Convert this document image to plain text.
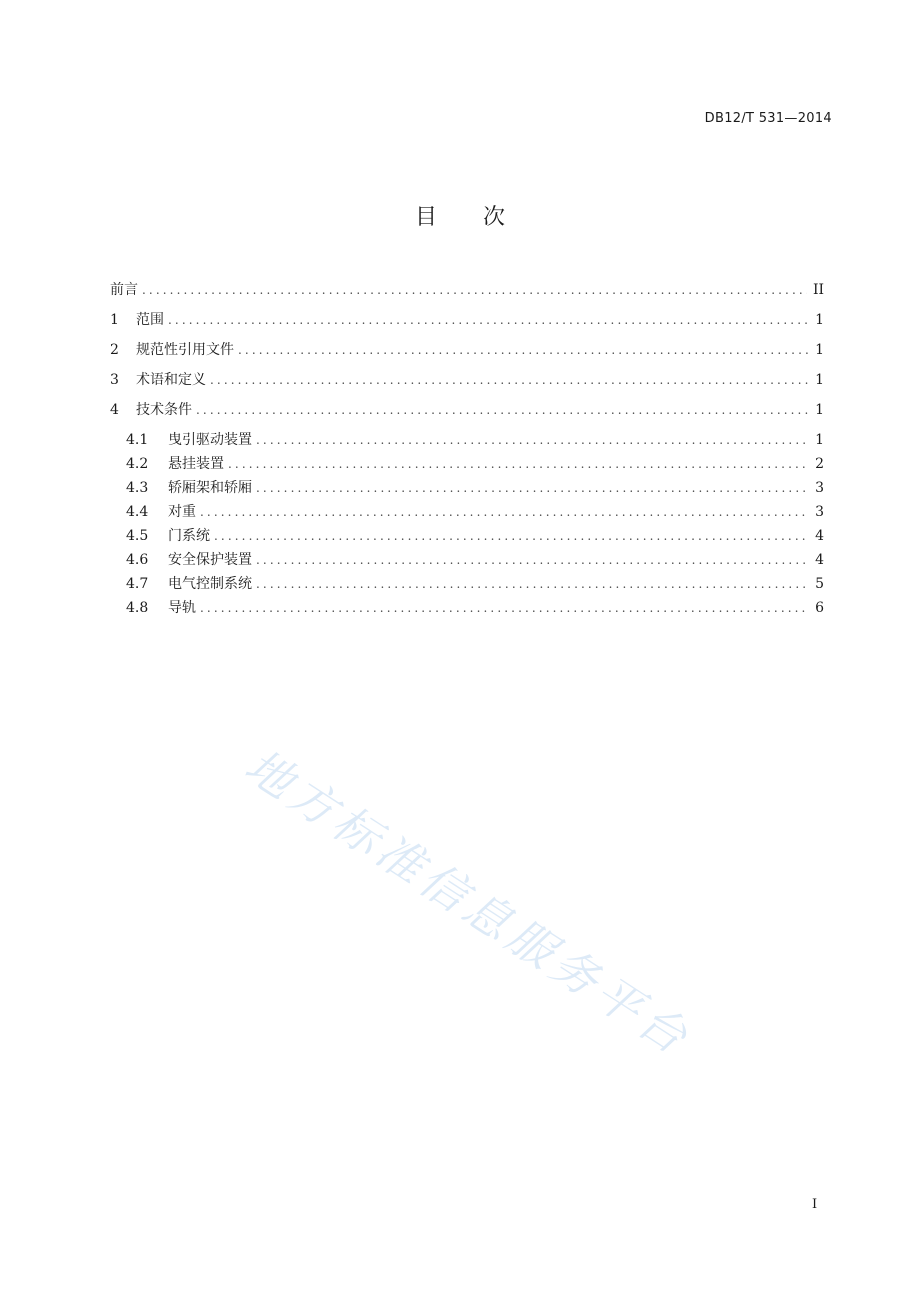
DB12/T 531—2014
目次
前言 .....	II
1	范围 .....	1
2	规范性引用文件 .....	1
3	术语和定义 .....	1
4	技术条件 .....	1
4.1	曳引驱动装置 .....	1
4.2	悬挂装置 .....	2
4.3	轿厢架和轿厢 .....	3
4.4	对重 .....	3
4.5	门系统 .....	4
4.6	安全保护装置 .....	4
4.7	电气控制系统 .....	5
4.8	导轨 .....	6
地方标准信息服务平台
I
